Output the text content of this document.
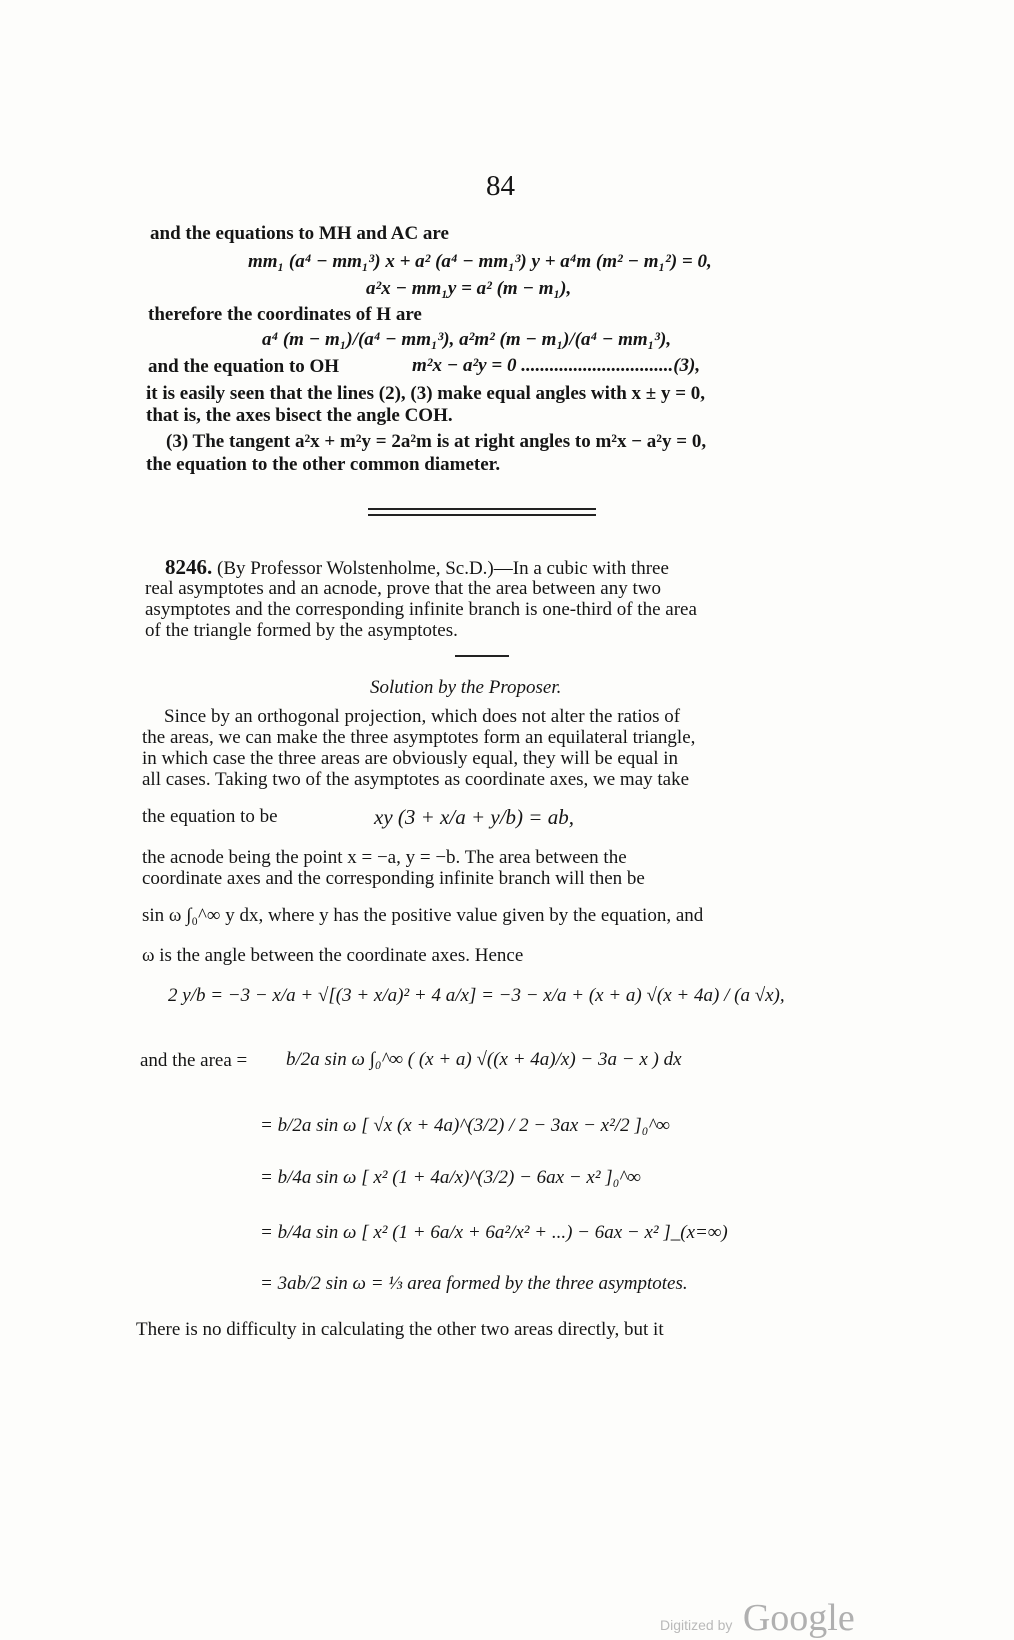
84
and the equations to MH and AC are
mm₁ (a⁴ − mm₁³) x + a² (a⁴ − mm₁³) y + a⁴m (m² − m₁²) = 0,
a²x − mm₁y = a² (m − m₁),
therefore the coordinates of H are
a⁴ (m − m₁)/(a⁴ − mm₁³), a²m² (m − m₁)/(a⁴ − mm₁³),
and the equation to OH	m²x − a²y = 0 ................................(3),
it is easily seen that the lines (2), (3) make equal angles with x ± y = 0,
that is, the axes bisect the angle COH.
(3) The tangent a²x + m²y = 2a²m is at right angles to m²x − a²y = 0,
the equation to the other common diameter.
8246. (By Professor Wolstenholme, Sc.D.)—In a cubic with three
real asymptotes and an acnode, prove that the area between any two
asymptotes and the corresponding infinite branch is one-third of the area
of the triangle formed by the asymptotes.
Solution by the Proposer.
Since by an orthogonal projection, which does not alter the ratios of
the areas, we can make the three asymptotes form an equilateral triangle,
in which case the three areas are obviously equal, they will be equal in
all cases. Taking two of the asymptotes as coordinate axes, we may take
the equation to be	xy (3 + x/a + y/b) = ab,
the acnode being the point x = −a, y = −b. The area between the
coordinate axes and the corresponding infinite branch will then be
sin ω ∫₀^∞ y dx, where y has the positive value given by the equation, and
ω is the angle between the coordinate axes. Hence
2 y/b = −3 − x/a + √[(3 + x/a)² + 4 a/x] = −3 − x/a + (x + a) √(x + 4a) / (a √x),
and the area = b/2a sin ω ∫₀^∞ ( (x + a) √((x + 4a)/x) − 3a − x ) dx
= b/2a sin ω [ √x (x + 4a)^(3/2) / 2 − 3ax − x²/2 ]₀^∞
= b/4a sin ω [ x² (1 + 4a/x)^(3/2) − 6ax − x² ]₀^∞
= b/4a sin ω [ x² (1 + 6a/x + 6a²/x² + ...) − 6ax − x² ]_(x=∞)
= 3ab/2 sin ω = ⅓ area formed by the three asymptotes.
There is no difficulty in calculating the other two areas directly, but it
Digitized by Google
